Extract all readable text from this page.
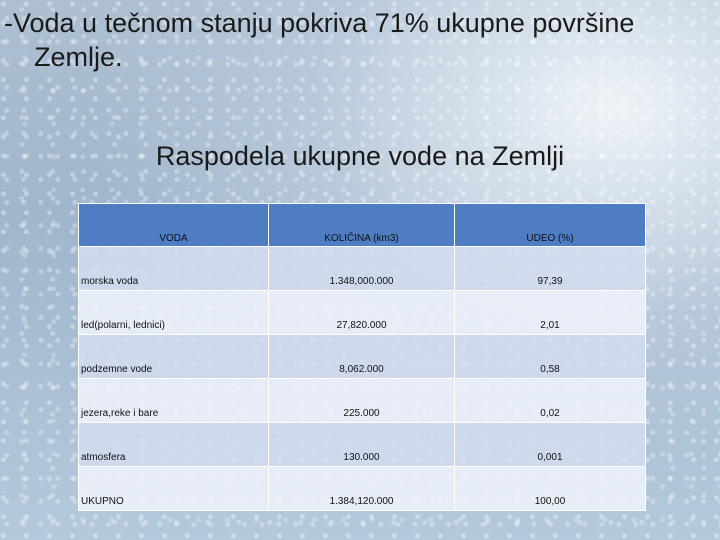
-Voda u tečnom stanju pokriva 71% ukupne površine
Zemlje.
Raspodela ukupne vode na Zemlji
VODA	KOLIČINA (km3)	UDEO (%)
morska voda	1.348,000.000	97,39
led(polarni, lednici)	27,820.000	2,01
podzemne vode	8,062.000	0,58
jezera,reke i bare	225.000	0,02
atmosfera	130.000	0,001
UKUPNO	1.384,120.000	100,00
